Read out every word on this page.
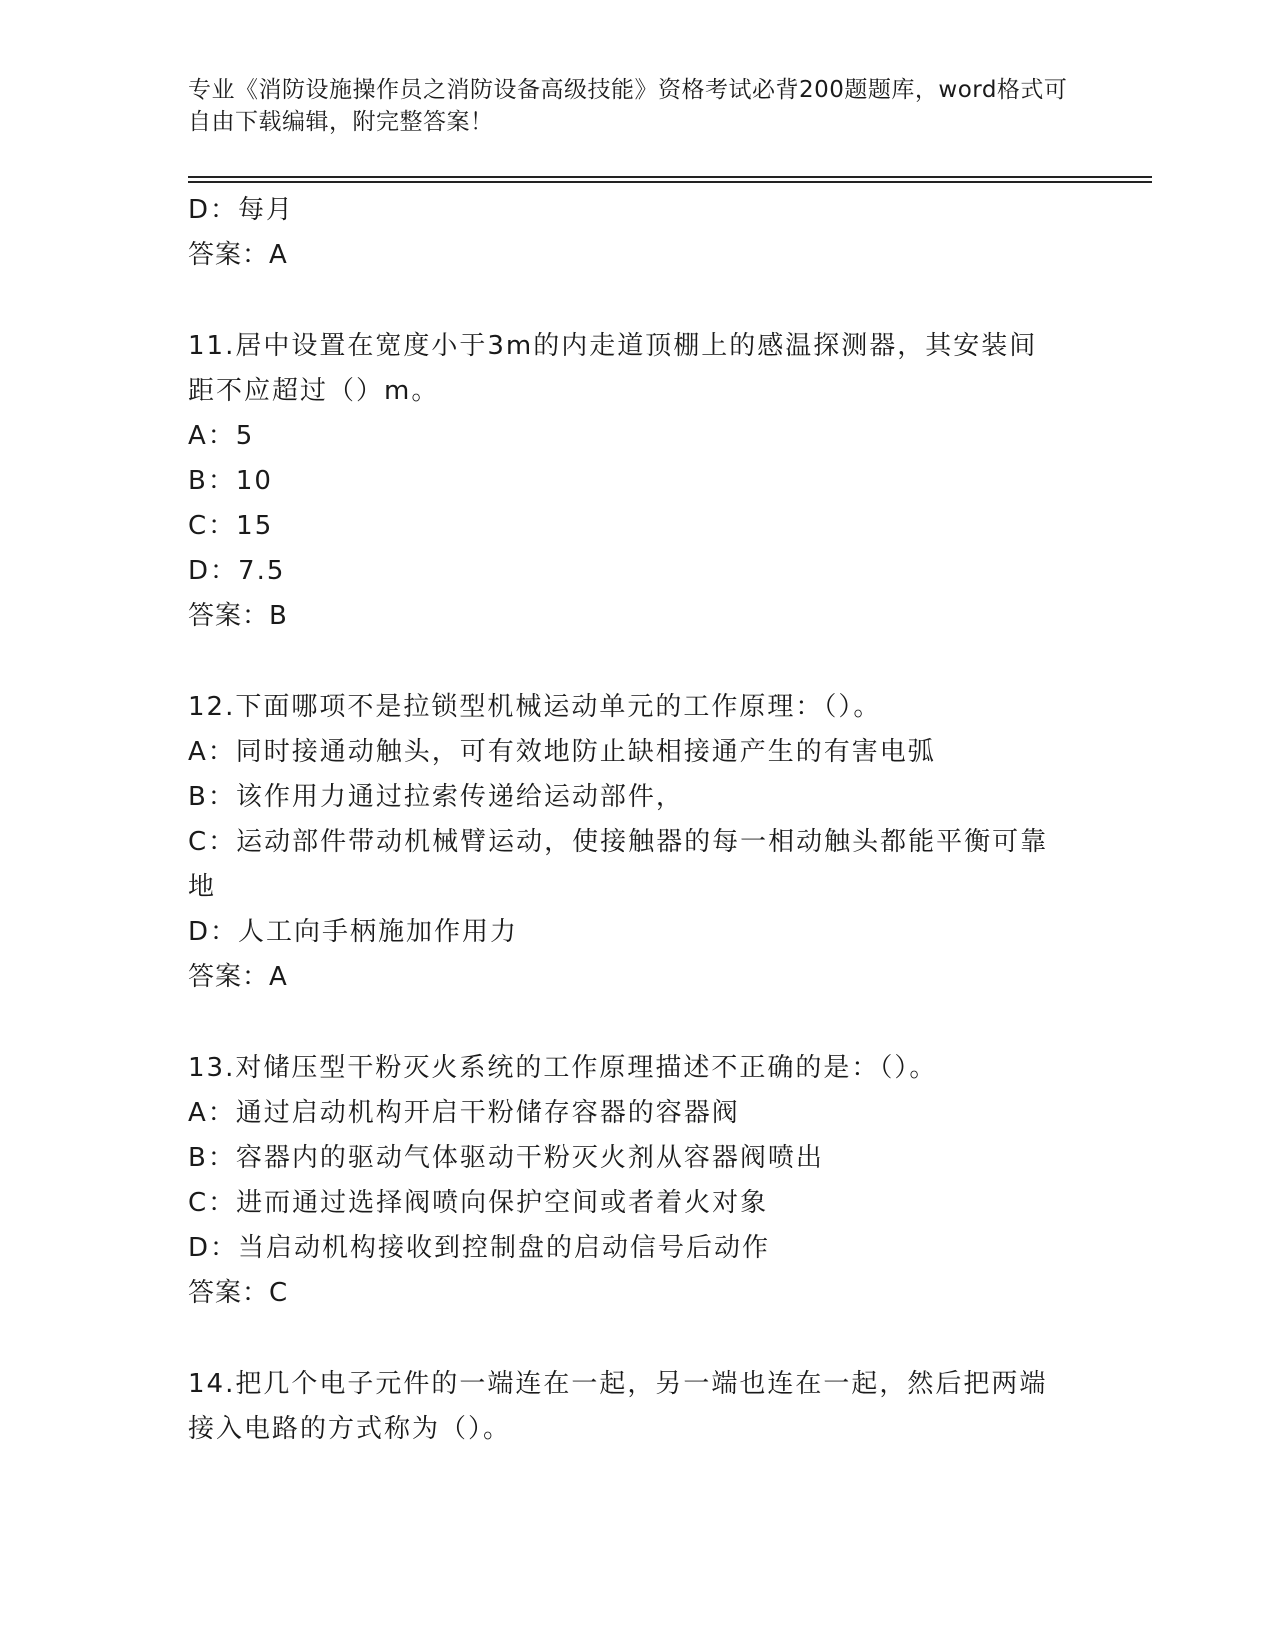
专业《消防设施操作员之消防设备高级技能》资格考试必背200题题库，word格式可自由下载编辑，附完整答案！
D：每月
答案：A
11.居中设置在宽度小于3m的内走道顶棚上的感温探测器，其安装间
距不应超过（）m。
A：5
B：10
C：15
D：7.5
答案：B
12.下面哪项不是拉锁型机械运动单元的工作原理：（）。
A：同时接通动触头，可有效地防止缺相接通产生的有害电弧
B：该作用力通过拉索传递给运动部件，
C：运动部件带动机械臂运动，使接触器的每一相动触头都能平衡可靠
地
D：人工向手柄施加作用力
答案：A
13.对储压型干粉灭火系统的工作原理描述不正确的是：（）。
A：通过启动机构开启干粉储存容器的容器阀
B：容器内的驱动气体驱动干粉灭火剂从容器阀喷出
C：进而通过选择阀喷向保护空间或者着火对象
D：当启动机构接收到控制盘的启动信号后动作
答案：C
14.把几个电子元件的一端连在一起，另一端也连在一起，然后把两端
接入电路的方式称为（）。
